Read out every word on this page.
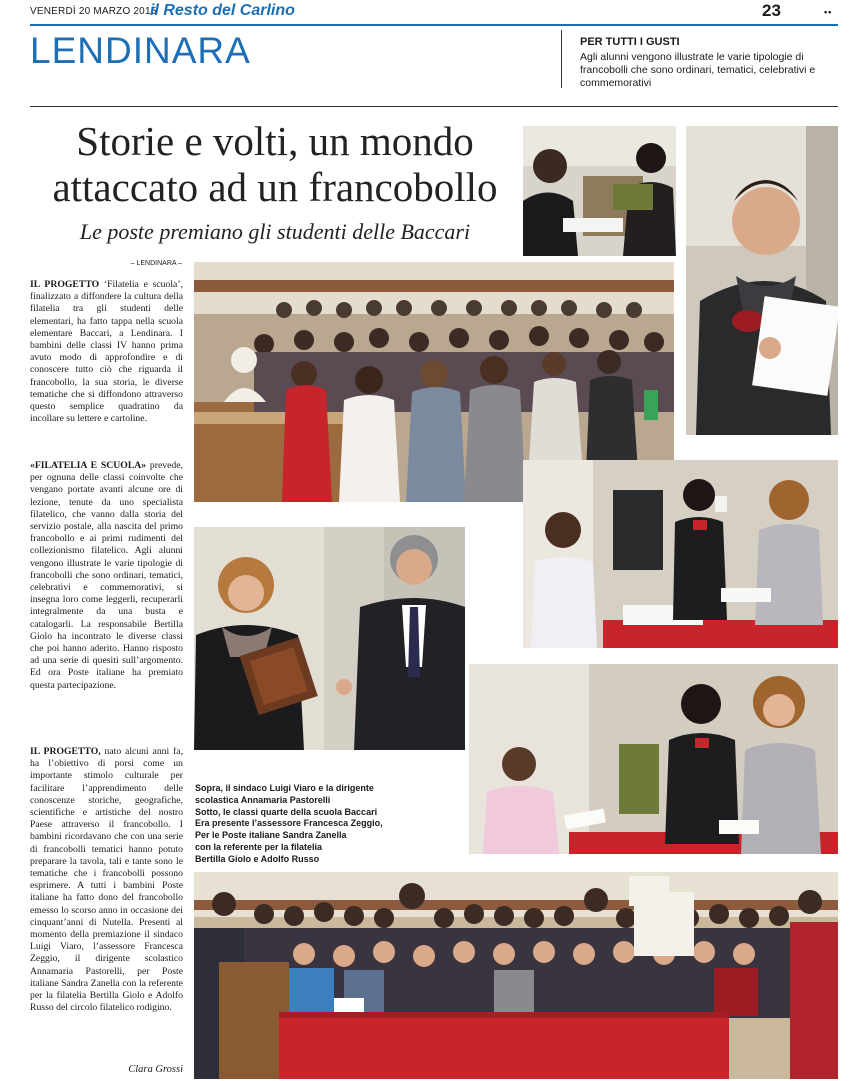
VENERDÌ 20 MARZO 2015
il Resto del Carlino	23	••
LENDINARA	PER TUTTI I GUSTI
Agli alunni vengono illustrate le varie tipologie di francobolli che sono ordinari, tematici, celebrativi e commemorativi
Storie e volti, un mondo
attaccato ad un francobollo
Le poste premiano gli studenti delle Baccari
– LENDINARA –
IL PROGETTO ‘Filatelia e scuola’, finalizzato a diffondere la cultura della filatelia tra gli studenti delle elementari, ha fatto tappa nella scuola elementare Baccari, a Lendinara. I bambini delle classi IV hanno prima avuto modo di approfondire e di conoscere tutto ciò che riguarda il francobollo, la sua storia, le diverse tematiche che si diffondono attraverso questo semplice quadratino da incollare su lettere e cartoline.
«FILATELIA E SCUOLA» prevede, per ognuna delle classi coinvolte che vengano portate avanti alcune ore di lezione, tenute da uno specialista filatelico, che vanno dalla storia del servizio postale, alla nascita del primo francobollo e ai primi rudimenti del collezionismo filatelico. Agli alunni vengono illustrate le varie tipologie di francobolli che sono ordinari, tematici, celebrativi e commemorativi, si insegna loro come leggerli, recuperarli integralmente da una busta e catalogarli. La responsabile Bertilla Giolo ha incontrato le diverse classi che poi hanno aderito. Hanno risposto ad una serie di quesiti sull’argomento. Ed ora Poste italiane ha premiato questa partecipazione.
IL PROGETTO, nato alcuni anni fa, ha l’obiettivo di porsi come un importante stimolo culturale per facilitare l’apprendimento delle conoscenze storiche, geografiche, scientifiche e artistiche del nostro Paese attraverso il francobollo. I bambini ricordavano che con una serie di francobolli tematici hanno potuto preparare la tavola, tali e tante sono le tematiche che i francobolli possono esprimere. A tutti i bambini Poste italiane ha fatto dono del francobollo emesso lo scorso anno in occasione dei cinquant’anni di Nutella. Presenti al momento della premiazione il sindaco Luigi Viaro, l’assessore Francesca Zeggio, il dirigente scolastico Annamaria Pastorelli, per Poste italiane Sandra Zanella con la referente per la filatelia Bertilla Giolo e Adolfo Russo del circolo filatelico rodigino.
Clara Grossi
Sopra, il sindaco Luigi Viaro e la dirigente
scolastica Annamaria Pastorelli
Sotto, le classi quarte della scuola Baccari
Era presente l’assessore Francesca Zeggio,
Per le Poste italiane Sandra Zanella
con la referente per la filatelia
Bertilla Giolo e Adolfo Russo
